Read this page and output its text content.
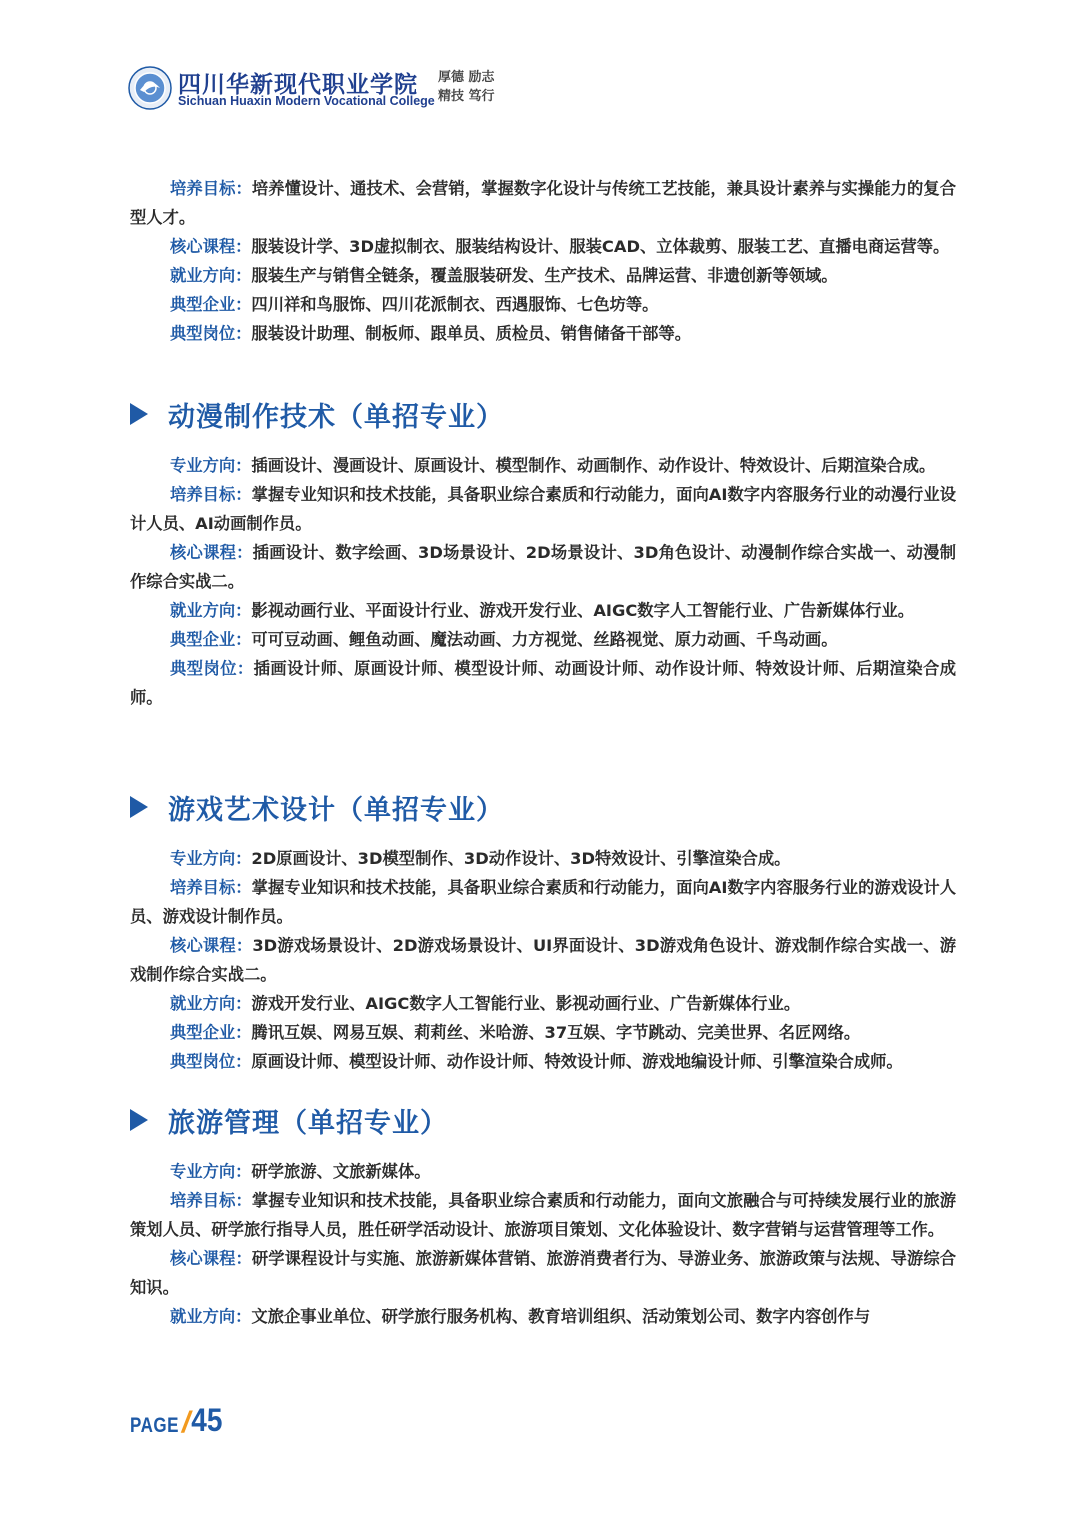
四川华新现代职业学院
Sichuan Huaxin Modern Vocational College
厚德 励志
精技 笃行

培养目标：培养懂设计、通技术、会营销，掌握数字化设计与传统工艺技能，兼具设计素养与实操能力的复合型人才。

核心课程：服装设计学、3D虚拟制衣、服装结构设计、服装CAD、立体裁剪、服装工艺、直播电商运营等。

就业方向：服装生产与销售全链条，覆盖服装研发、生产技术、品牌运营、非遗创新等领域。

典型企业：四川祥和鸟服饰、四川花派制衣、西遇服饰、七色坊等。

典型岗位：服装设计助理、制板师、跟单员、质检员、销售储备干部等。

动漫制作技术（单招专业）

专业方向：插画设计、漫画设计、原画设计、模型制作、动画制作、动作设计、特效设计、后期渲染合成。

培养目标：掌握专业知识和技术技能，具备职业综合素质和行动能力，面向AI数字内容服务行业的动漫行业设计人员、AI动画制作员。

核心课程：插画设计、数字绘画、3D场景设计、2D场景设计、3D角色设计、动漫制作综合实战一、动漫制作综合实战二。

就业方向：影视动画行业、平面设计行业、游戏开发行业、AIGC数字人工智能行业、广告新媒体行业。

典型企业：可可豆动画、鲤鱼动画、魔法动画、力方视觉、丝路视觉、原力动画、千鸟动画。

典型岗位：插画设计师、原画设计师、模型设计师、动画设计师、动作设计师、特效设计师、后期渲染合成师。

游戏艺术设计（单招专业）

专业方向：2D原画设计、3D模型制作、3D动作设计、3D特效设计、引擎渲染合成。

培养目标：掌握专业知识和技术技能，具备职业综合素质和行动能力，面向AI数字内容服务行业的游戏设计人员、游戏设计制作员。

核心课程：3D游戏场景设计、2D游戏场景设计、UI界面设计、3D游戏角色设计、游戏制作综合实战一、游戏制作综合实战二。

就业方向：游戏开发行业、AIGC数字人工智能行业、影视动画行业、广告新媒体行业。

典型企业：腾讯互娱、网易互娱、莉莉丝、米哈游、37互娱、字节跳动、完美世界、名匠网络。

典型岗位：原画设计师、模型设计师、动作设计师、特效设计师、游戏地编设计师、引擎渲染合成师。

旅游管理（单招专业）

专业方向：研学旅游、文旅新媒体。

培养目标：掌握专业知识和技术技能，具备职业综合素质和行动能力，面向文旅融合与可持续发展行业的旅游策划人员、研学旅行指导人员，胜任研学活动设计、旅游项目策划、文化体验设计、数字营销与运营管理等工作。

核心课程：研学课程设计与实施、旅游新媒体营销、旅游消费者行为、导游业务、旅游政策与法规、导游综合知识。

就业方向：文旅企事业单位、研学旅行服务机构、教育培训组织、活动策划公司、数字内容创作与

PAGE / 45
